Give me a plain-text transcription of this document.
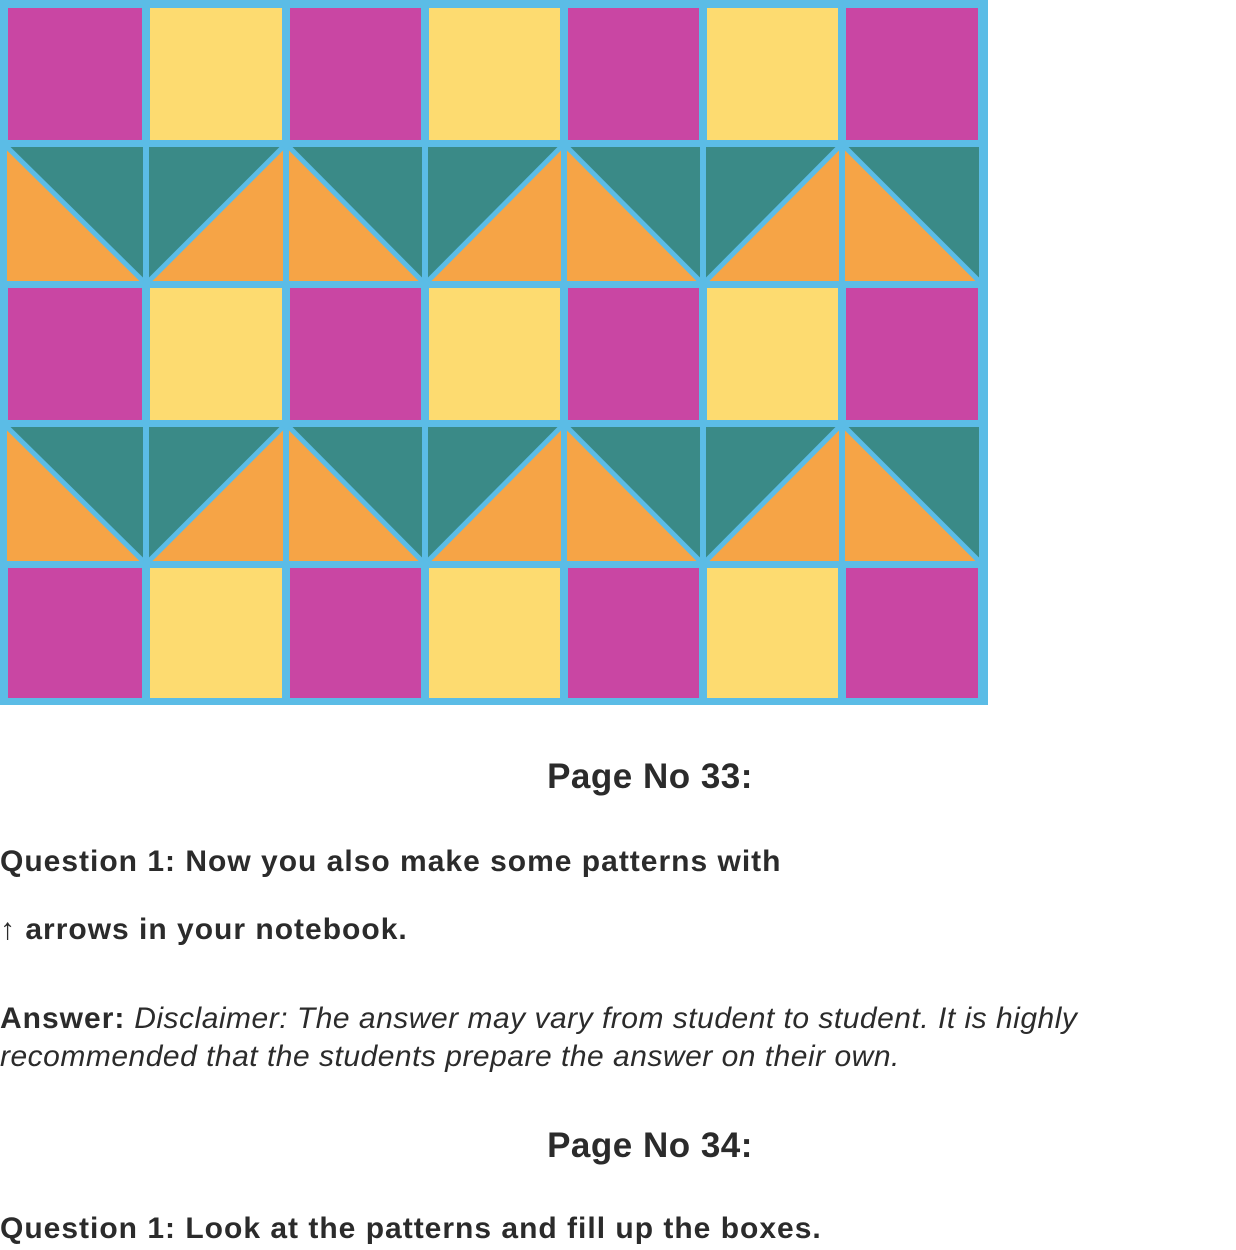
Page No 33:
Question 1: Now you also make some patterns with
↑ arrows in your notebook.
Answer: Disclaimer: The answer may vary from student to student. It is highly recommended that the students prepare the answer on their own.
Page No 34:
Question 1: Look at the patterns and fill up the boxes.
